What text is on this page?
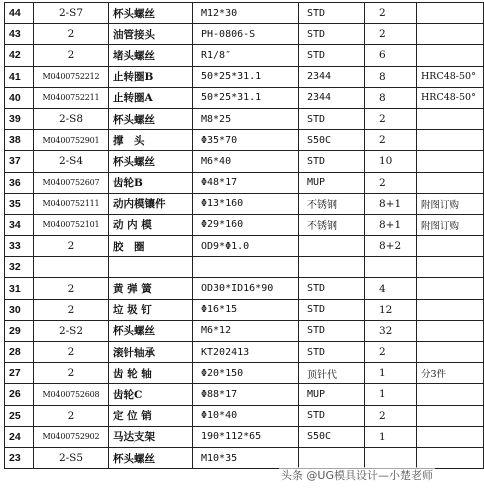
44	2-S7	杯头螺丝	M12*30	STD	2	
43	2	油管接头	PH-0806-S	STD	2	
42	2	堵头螺丝	R1/8″	STD	6	
41	M0400752212	止转圈B	50*25*31.1	2344	8	HRC48-50°
40	M0400752211	止转圈A	50*25*31.1	2344	8	HRC48-50°
39	2-S8	杯头螺丝	M8*25	STD	2	
38	M0400752901	撑　头	Φ35*70	S50C	2	
37	2-S4	杯头螺丝	M6*40	STD	10	
36	M0400752607	齿轮B	Φ48*17	MUP	2	
35	M0400752111	动内模镶件	Φ13*160	不锈钢	8+1	附图订购
34	M0400752101	动 内 模	Φ29*160	不锈钢	8+1	附图订购
33	2	胶　圈	OD9*Φ1.0		8+2	
32						
31	2	黄 弹 簧	OD30*ID16*90	STD	4	
30	2	垃 圾 钉	Φ16*15	STD	12	
29	2-S2	杯头螺丝	M6*12	STD	32	
28	2	滚针轴承	KT202413	STD	2	
27	2	齿 轮 轴	Φ20*150	顶针代	1	分3件
26	M0400752608	齿轮C	Φ88*17	MUP	1	
25	2	定 位 销	Φ10*40	STD	2	
24	M0400752902	马达支架	190*112*65	S50C	1	
23	2-S5	杯头螺丝	M10*35			
头条 @UG模具设计—小楚老师
